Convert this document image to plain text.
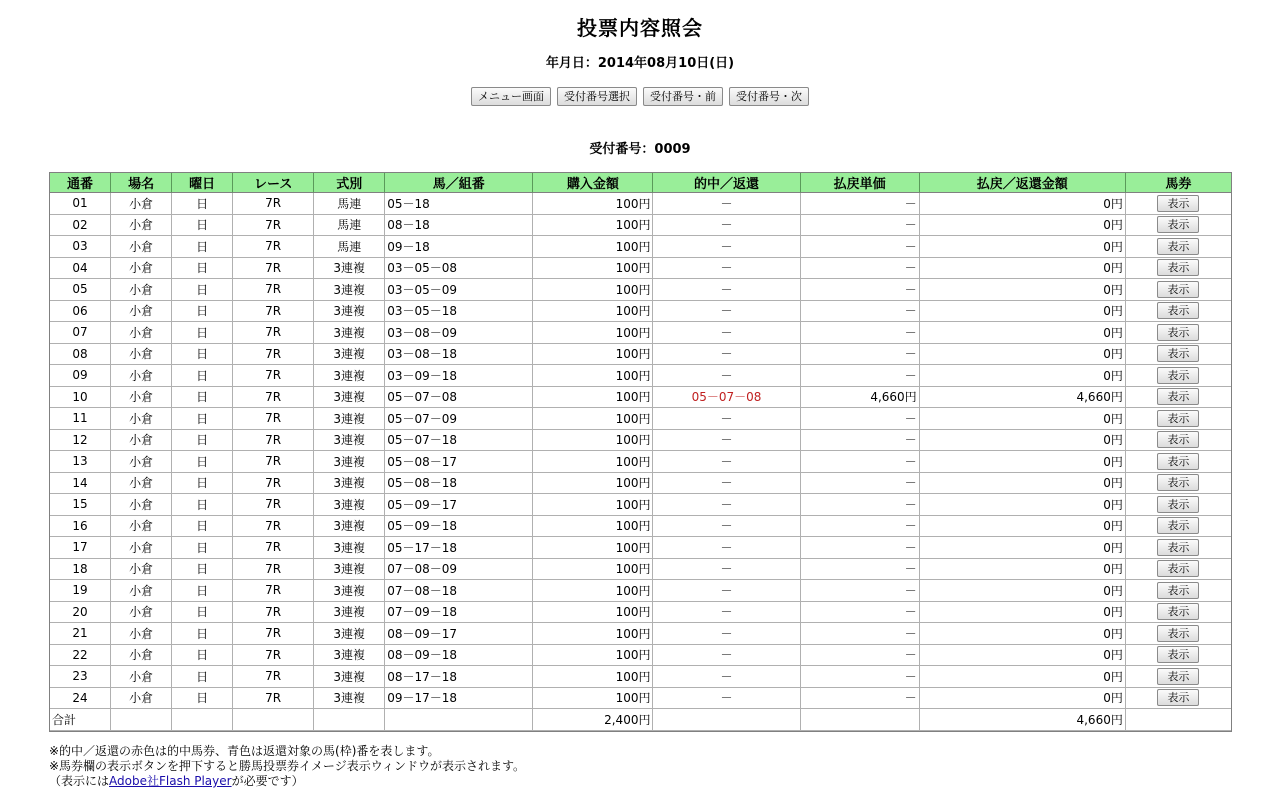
投票内容照会
年月日：2014年08月10日(日)
メニュー画面 受付番号選択 受付番号・前 受付番号・次
受付番号：0009
通番	場名	曜日	レース	式別	馬／組番	購入金額	的中／返還	払戻単価	払戻／返還金額	馬券
01	小倉	日	7R	馬連	05－18	100円	－	－	0円	表示
02	小倉	日	7R	馬連	08－18	100円	－	－	0円	表示
03	小倉	日	7R	馬連	09－18	100円	－	－	0円	表示
04	小倉	日	7R	3連複	03－05－08	100円	－	－	0円	表示
05	小倉	日	7R	3連複	03－05－09	100円	－	－	0円	表示
06	小倉	日	7R	3連複	03－05－18	100円	－	－	0円	表示
07	小倉	日	7R	3連複	03－08－09	100円	－	－	0円	表示
08	小倉	日	7R	3連複	03－08－18	100円	－	－	0円	表示
09	小倉	日	7R	3連複	03－09－18	100円	－	－	0円	表示
10	小倉	日	7R	3連複	05－07－08	100円	05－07－08	4,660円	4,660円	表示
11	小倉	日	7R	3連複	05－07－09	100円	－	－	0円	表示
12	小倉	日	7R	3連複	05－07－18	100円	－	－	0円	表示
13	小倉	日	7R	3連複	05－08－17	100円	－	－	0円	表示
14	小倉	日	7R	3連複	05－08－18	100円	－	－	0円	表示
15	小倉	日	7R	3連複	05－09－17	100円	－	－	0円	表示
16	小倉	日	7R	3連複	05－09－18	100円	－	－	0円	表示
17	小倉	日	7R	3連複	05－17－18	100円	－	－	0円	表示
18	小倉	日	7R	3連複	07－08－09	100円	－	－	0円	表示
19	小倉	日	7R	3連複	07－08－18	100円	－	－	0円	表示
20	小倉	日	7R	3連複	07－09－18	100円	－	－	0円	表示
21	小倉	日	7R	3連複	08－09－17	100円	－	－	0円	表示
22	小倉	日	7R	3連複	08－09－18	100円	－	－	0円	表示
23	小倉	日	7R	3連複	08－17－18	100円	－	－	0円	表示
24	小倉	日	7R	3連複	09－17－18	100円	－	－	0円	表示
合計						2,400円			4,660円	
※的中／返還の赤色は的中馬券、青色は返還対象の馬(枠)番を表します。
※馬券欄の表示ボタンを押下すると勝馬投票券イメージ表示ウィンドウが表示されます。
（表示にはAdobe社Flash Playerが必要です）
